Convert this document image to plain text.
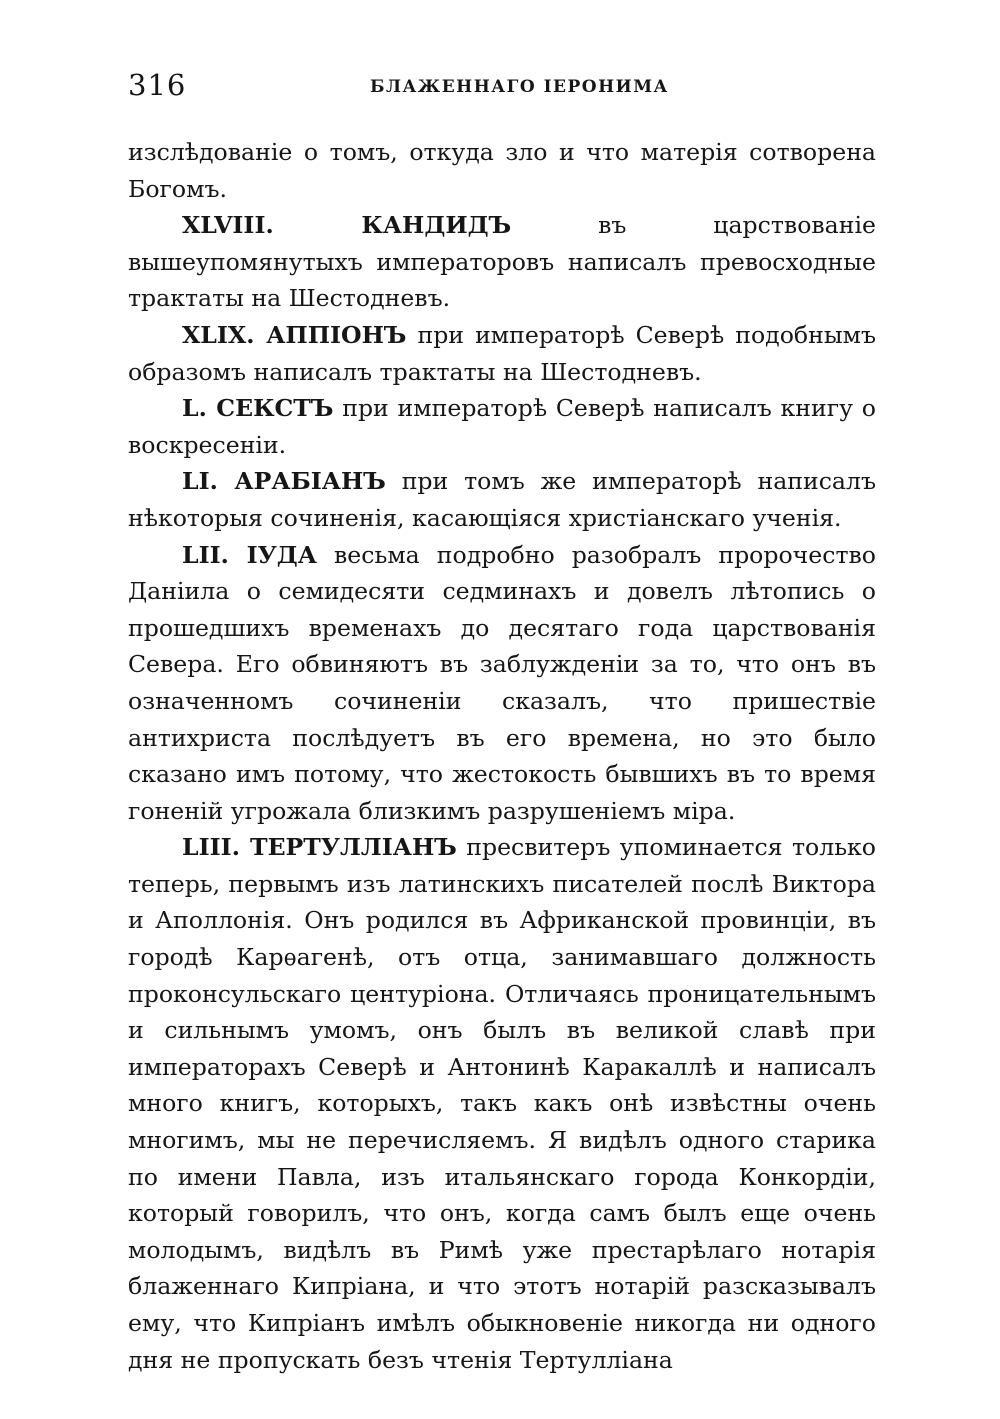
316	БЛАЖЕННАГО ІЕРОНИМА

изслѣдованіе о томъ, откуда зло и что матерія сотворена Богомъ.

XLVIII. КАНДИДЪ въ царствованіе вышеупомянутыхъ императоровъ написалъ превосходные трактаты на Шестодневъ.

XLIX. АППІОНЪ при императорѣ Северѣ подобнымъ образомъ написалъ трактаты на Шестодневъ.

L. СЕКСТЪ при императорѣ Северѣ написалъ книгу о воскресеніи.

LI. АРАБІАНЪ при томъ же императорѣ написалъ нѣкоторыя сочиненія, касающіяся христіанскаго ученія.

LII. ІУДА весьма подробно разобралъ пророчество Даніила о семидесяти седминахъ и довелъ лѣтопись о прошедшихъ временахъ до десятаго года царствованія Севера. Его обвиняютъ въ заблужденіи за то, что онъ въ означенномъ сочиненіи сказалъ, что пришествіе антихриста послѣдуетъ въ его времена, но это было сказано имъ потому, что жестокость бывшихъ въ то время гоненій угрожала близкимъ разрушеніемъ міра.

LIII. ТЕРТУЛЛІАНЪ пресвитеръ упоминается только теперь, первымъ изъ латинскихъ писателей послѣ Виктора и Аполлонія. Онъ родился въ Африканской провинціи, въ городѣ Карѳагенѣ, отъ отца, занимавшаго должность проконсульскаго центуріона. Отличаясь проницательнымъ и сильнымъ умомъ, онъ былъ въ великой славѣ при императорахъ Северѣ и Антонинѣ Каракаллѣ и написалъ много книгъ, которыхъ, такъ какъ онѣ извѣстны очень многимъ, мы не перечисляемъ. Я видѣлъ одного старика по имени Павла, изъ итальянскаго города Конкордіи, который говорилъ, что онъ, когда самъ былъ еще очень молодымъ, видѣлъ въ Римѣ уже престарѣлаго нотарія блаженнаго Кипріана, и что этотъ нотарій разсказывалъ ему, что Кипріанъ имѣлъ обыкновеніе никогда ни одного дня не пропускать безъ чтенія Тертулліана
